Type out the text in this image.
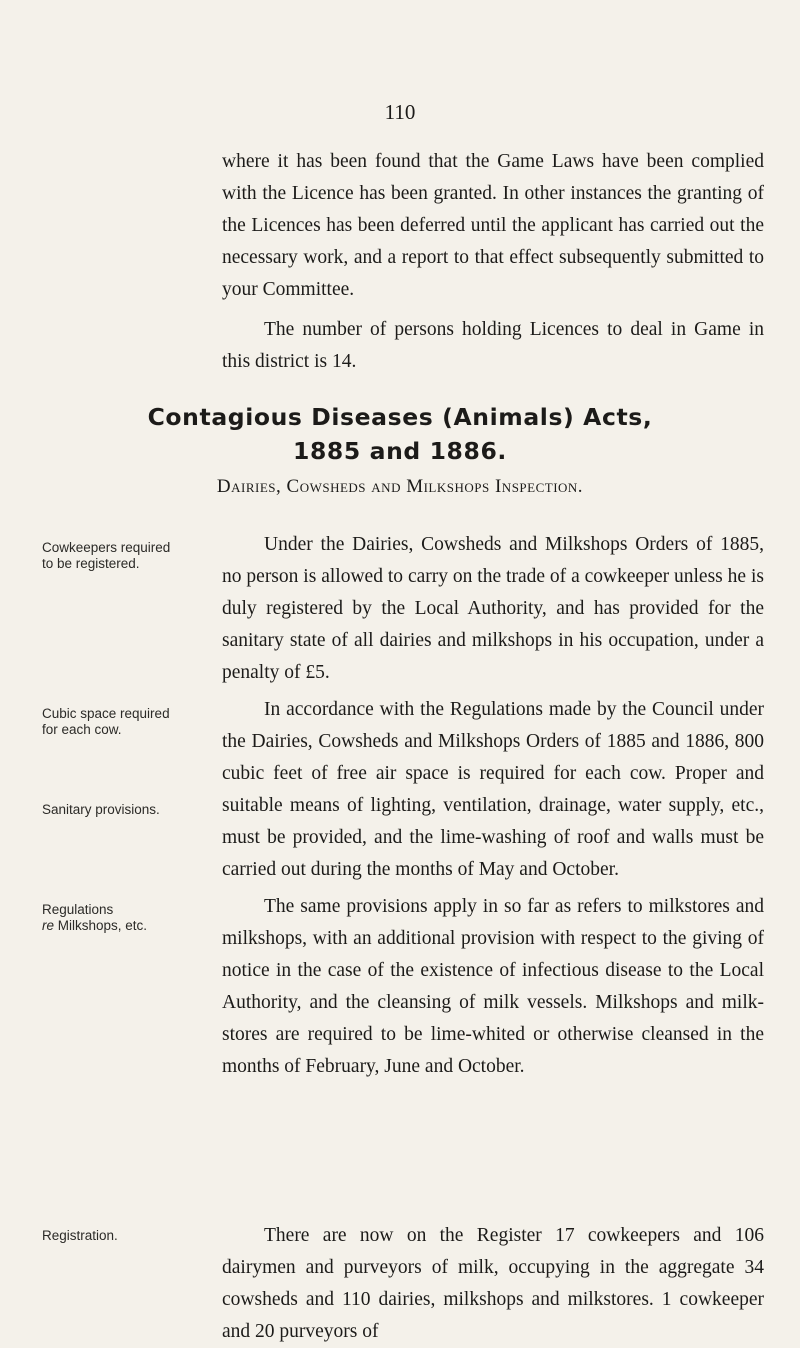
110

where it has been found that the Game Laws have been complied with the Licence has been granted. In other instances the granting of the Licences has been deferred until the applicant has carried out the necessary work, and a report to that effect subsequently submitted to your Committee.

The number of persons holding Licences to deal in Game in this district is 14.

Contagious Diseases (Animals) Acts,
1885 and 1886.
Dairies, Cowsheds and Milkshops Inspection.
Cowkeepers required to be registered.

Under the Dairies, Cowsheds and Milkshops Orders of 1885, no person is allowed to carry on the trade of a cowkeeper unless he is duly registered by the Local Authority, and has provided for the sanitary state of all dairies and milkshops in his occupation, under a penalty of £5.

Cubic space required for each cow.
Sanitary provisions.

In accordance with the Regulations made by the Council under the Dairies, Cowsheds and Milkshops Orders of 1885 and 1886, 800 cubic feet of free air space is required for each cow. Proper and suitable means of lighting, ventilation, drainage, water supply, etc., must be provided, and the lime-washing of roof and walls must be carried out during the months of May and October.

Regulations
re Milkshops, etc.

The same provisions apply in so far as refers to milkstores and milkshops, with an additional provision with respect to the giving of notice in the case of the existence of infectious disease to the Local Authority, and the cleansing of milk vessels. Milkshops and milk-stores are required to be lime-whited or otherwise cleansed in the months of February, June and October.

Registration.	There are now on the Register 17 cowkeepers and 106 dairymen and purveyors of milk, occupying in the aggregate 34 cowsheds and 110 dairies, milkshops and milkstores. 1 cowkeeper and 20 purveyors of
